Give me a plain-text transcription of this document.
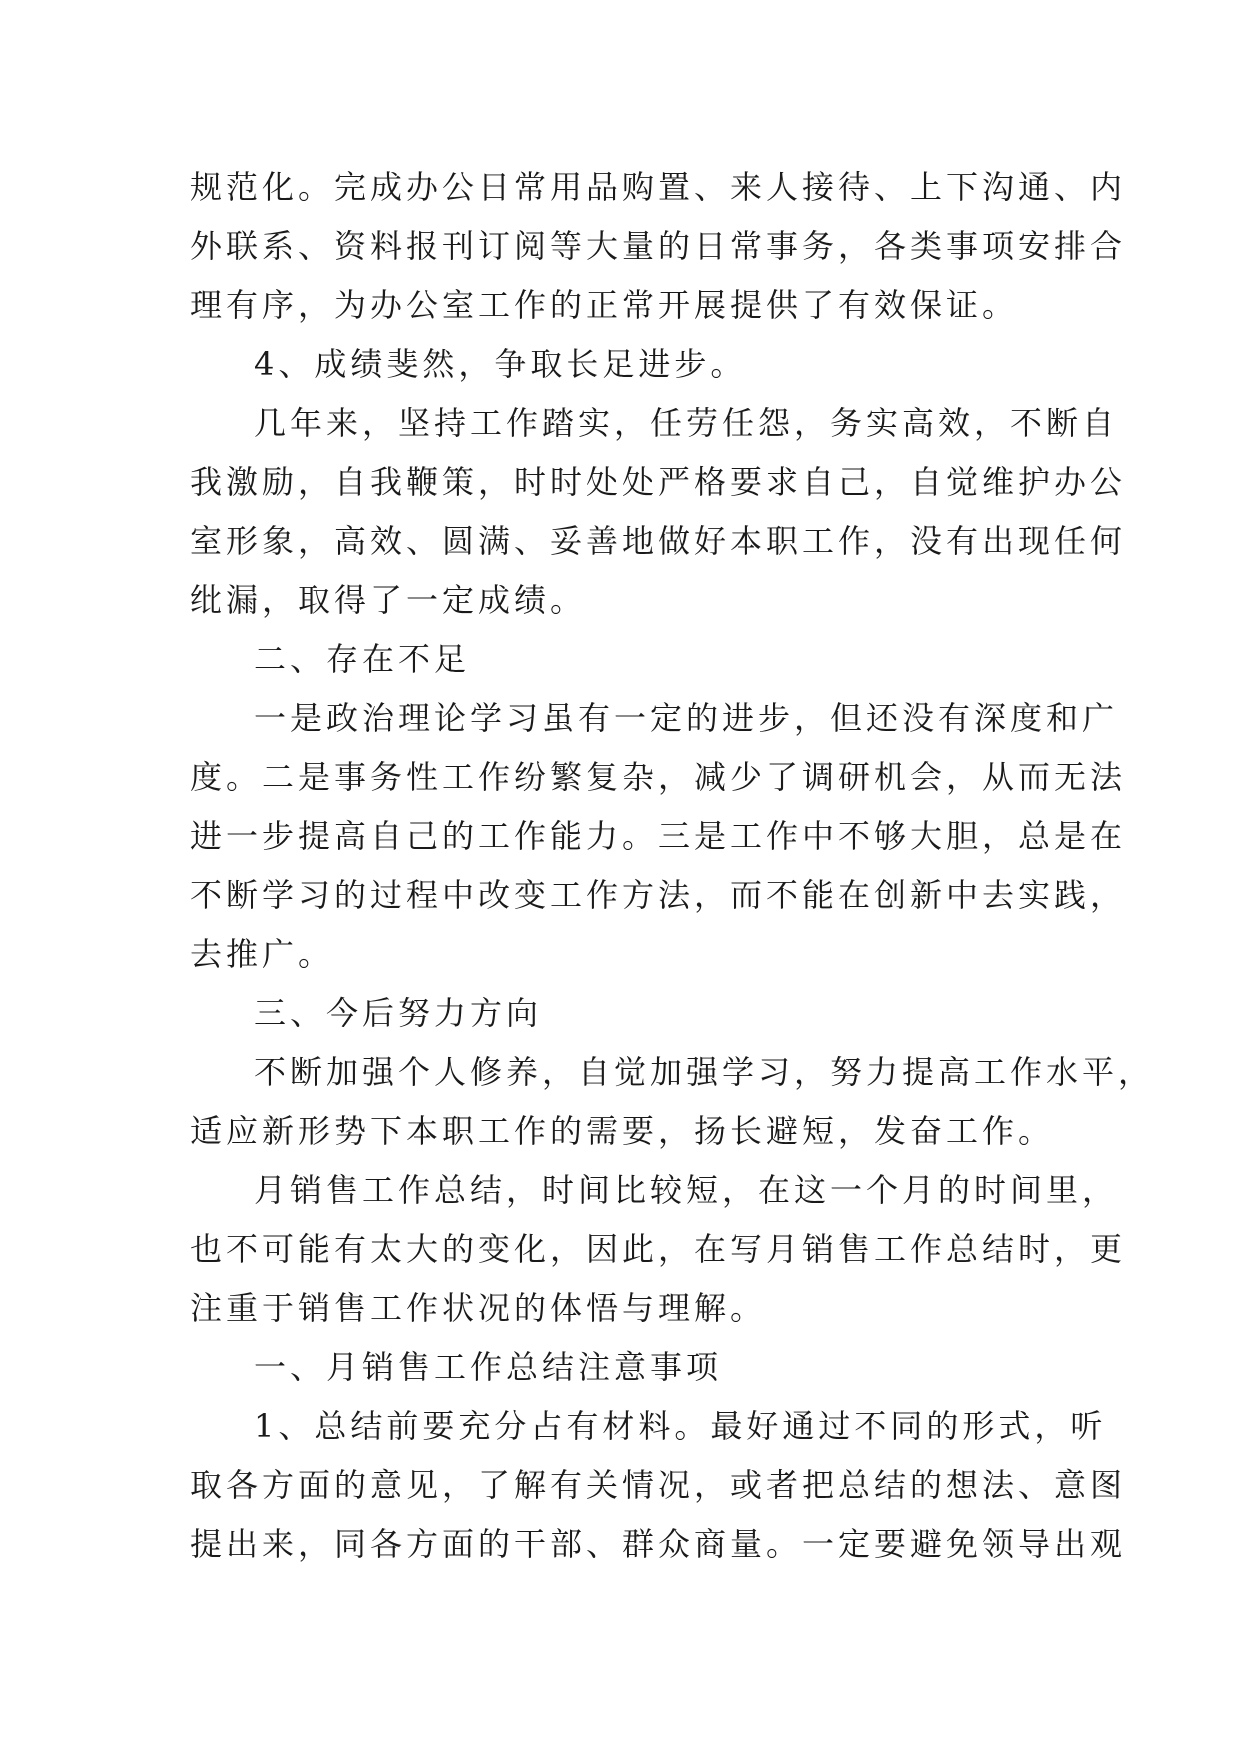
规范化。完成办公日常用品购置、来人接待、上下沟通、内
外联系、资料报刊订阅等大量的日常事务，各类事项安排合
理有序，为办公室工作的正常开展提供了有效保证。

4、成绩斐然，争取长足进步。

几年来，坚持工作踏实，任劳任怨，务实高效，不断自
我激励，自我鞭策，时时处处严格要求自己，自觉维护办公
室形象，高效、圆满、妥善地做好本职工作，没有出现任何
纰漏，取得了一定成绩。

二、存在不足

一是政治理论学习虽有一定的进步，但还没有深度和广
度。二是事务性工作纷繁复杂，减少了调研机会，从而无法
进一步提高自己的工作能力。三是工作中不够大胆，总是在
不断学习的过程中改变工作方法，而不能在创新中去实践，
去推广。

三、今后努力方向

不断加强个人修养，自觉加强学习，努力提高工作水平，
适应新形势下本职工作的需要，扬长避短，发奋工作。

月销售工作总结，时间比较短，在这一个月的时间里，
也不可能有太大的变化，因此，在写月销售工作总结时，更
注重于销售工作状况的体悟与理解。

一、月销售工作总结注意事项

1、总结前要充分占有材料。最好通过不同的形式，听
取各方面的意见，了解有关情况，或者把总结的想法、意图
提出来，同各方面的干部、群众商量。一定要避免领导出观
